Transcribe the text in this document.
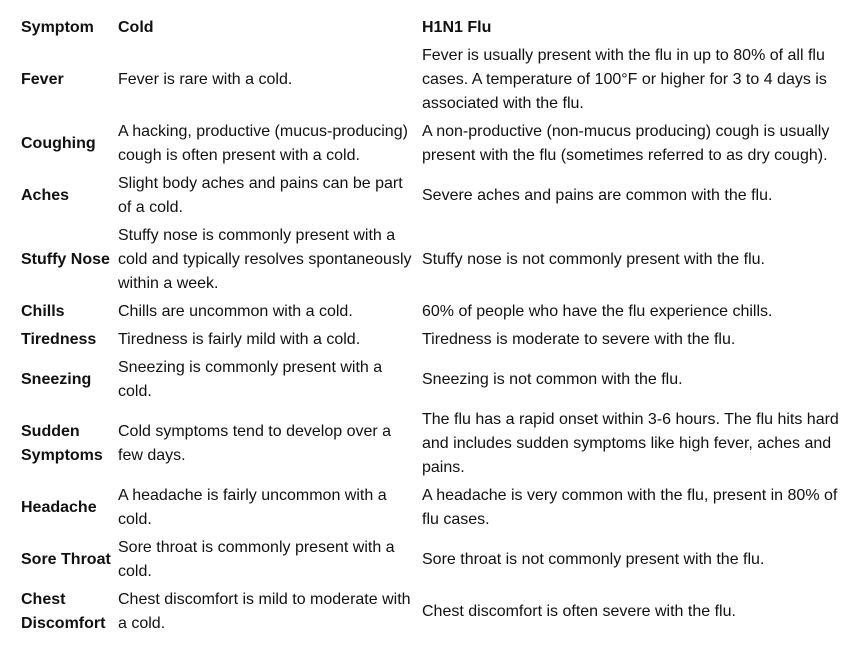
Symptom	Cold	H1N1 Flu
Fever	Fever is rare with a cold.	Fever is usually present with the flu in up to 80% of all flu cases. A temperature of 100°F or higher for 3 to 4 days is associated with the flu.
Coughing	A hacking, productive (mucus-producing) cough is often present with a cold.	A non-productive (non-mucus producing) cough is usually present with the flu (sometimes referred to as dry cough).
Aches	Slight body aches and pains can be part of a cold.	Severe aches and pains are common with the flu.
Stuffy Nose	Stuffy nose is commonly present with a cold and typically resolves spontaneously within a week.	Stuffy nose is not commonly present with the flu.
Chills	Chills are uncommon with a cold.	60% of people who have the flu experience chills.
Tiredness	Tiredness is fairly mild with a cold.	Tiredness is moderate to severe with the flu.
Sneezing	Sneezing is commonly present with a cold.	Sneezing is not common with the flu.
Sudden Symptoms	Cold symptoms tend to develop over a few days.	The flu has a rapid onset within 3-6 hours. The flu hits hard and includes sudden symptoms like high fever, aches and pains.
Headache	A headache is fairly uncommon with a cold.	A headache is very common with the flu, present in 80% of flu cases.
Sore Throat	Sore throat is commonly present with a cold.	Sore throat is not commonly present with the flu.
Chest Discomfort	Chest discomfort is mild to moderate with a cold.	Chest discomfort is often severe with the flu.
